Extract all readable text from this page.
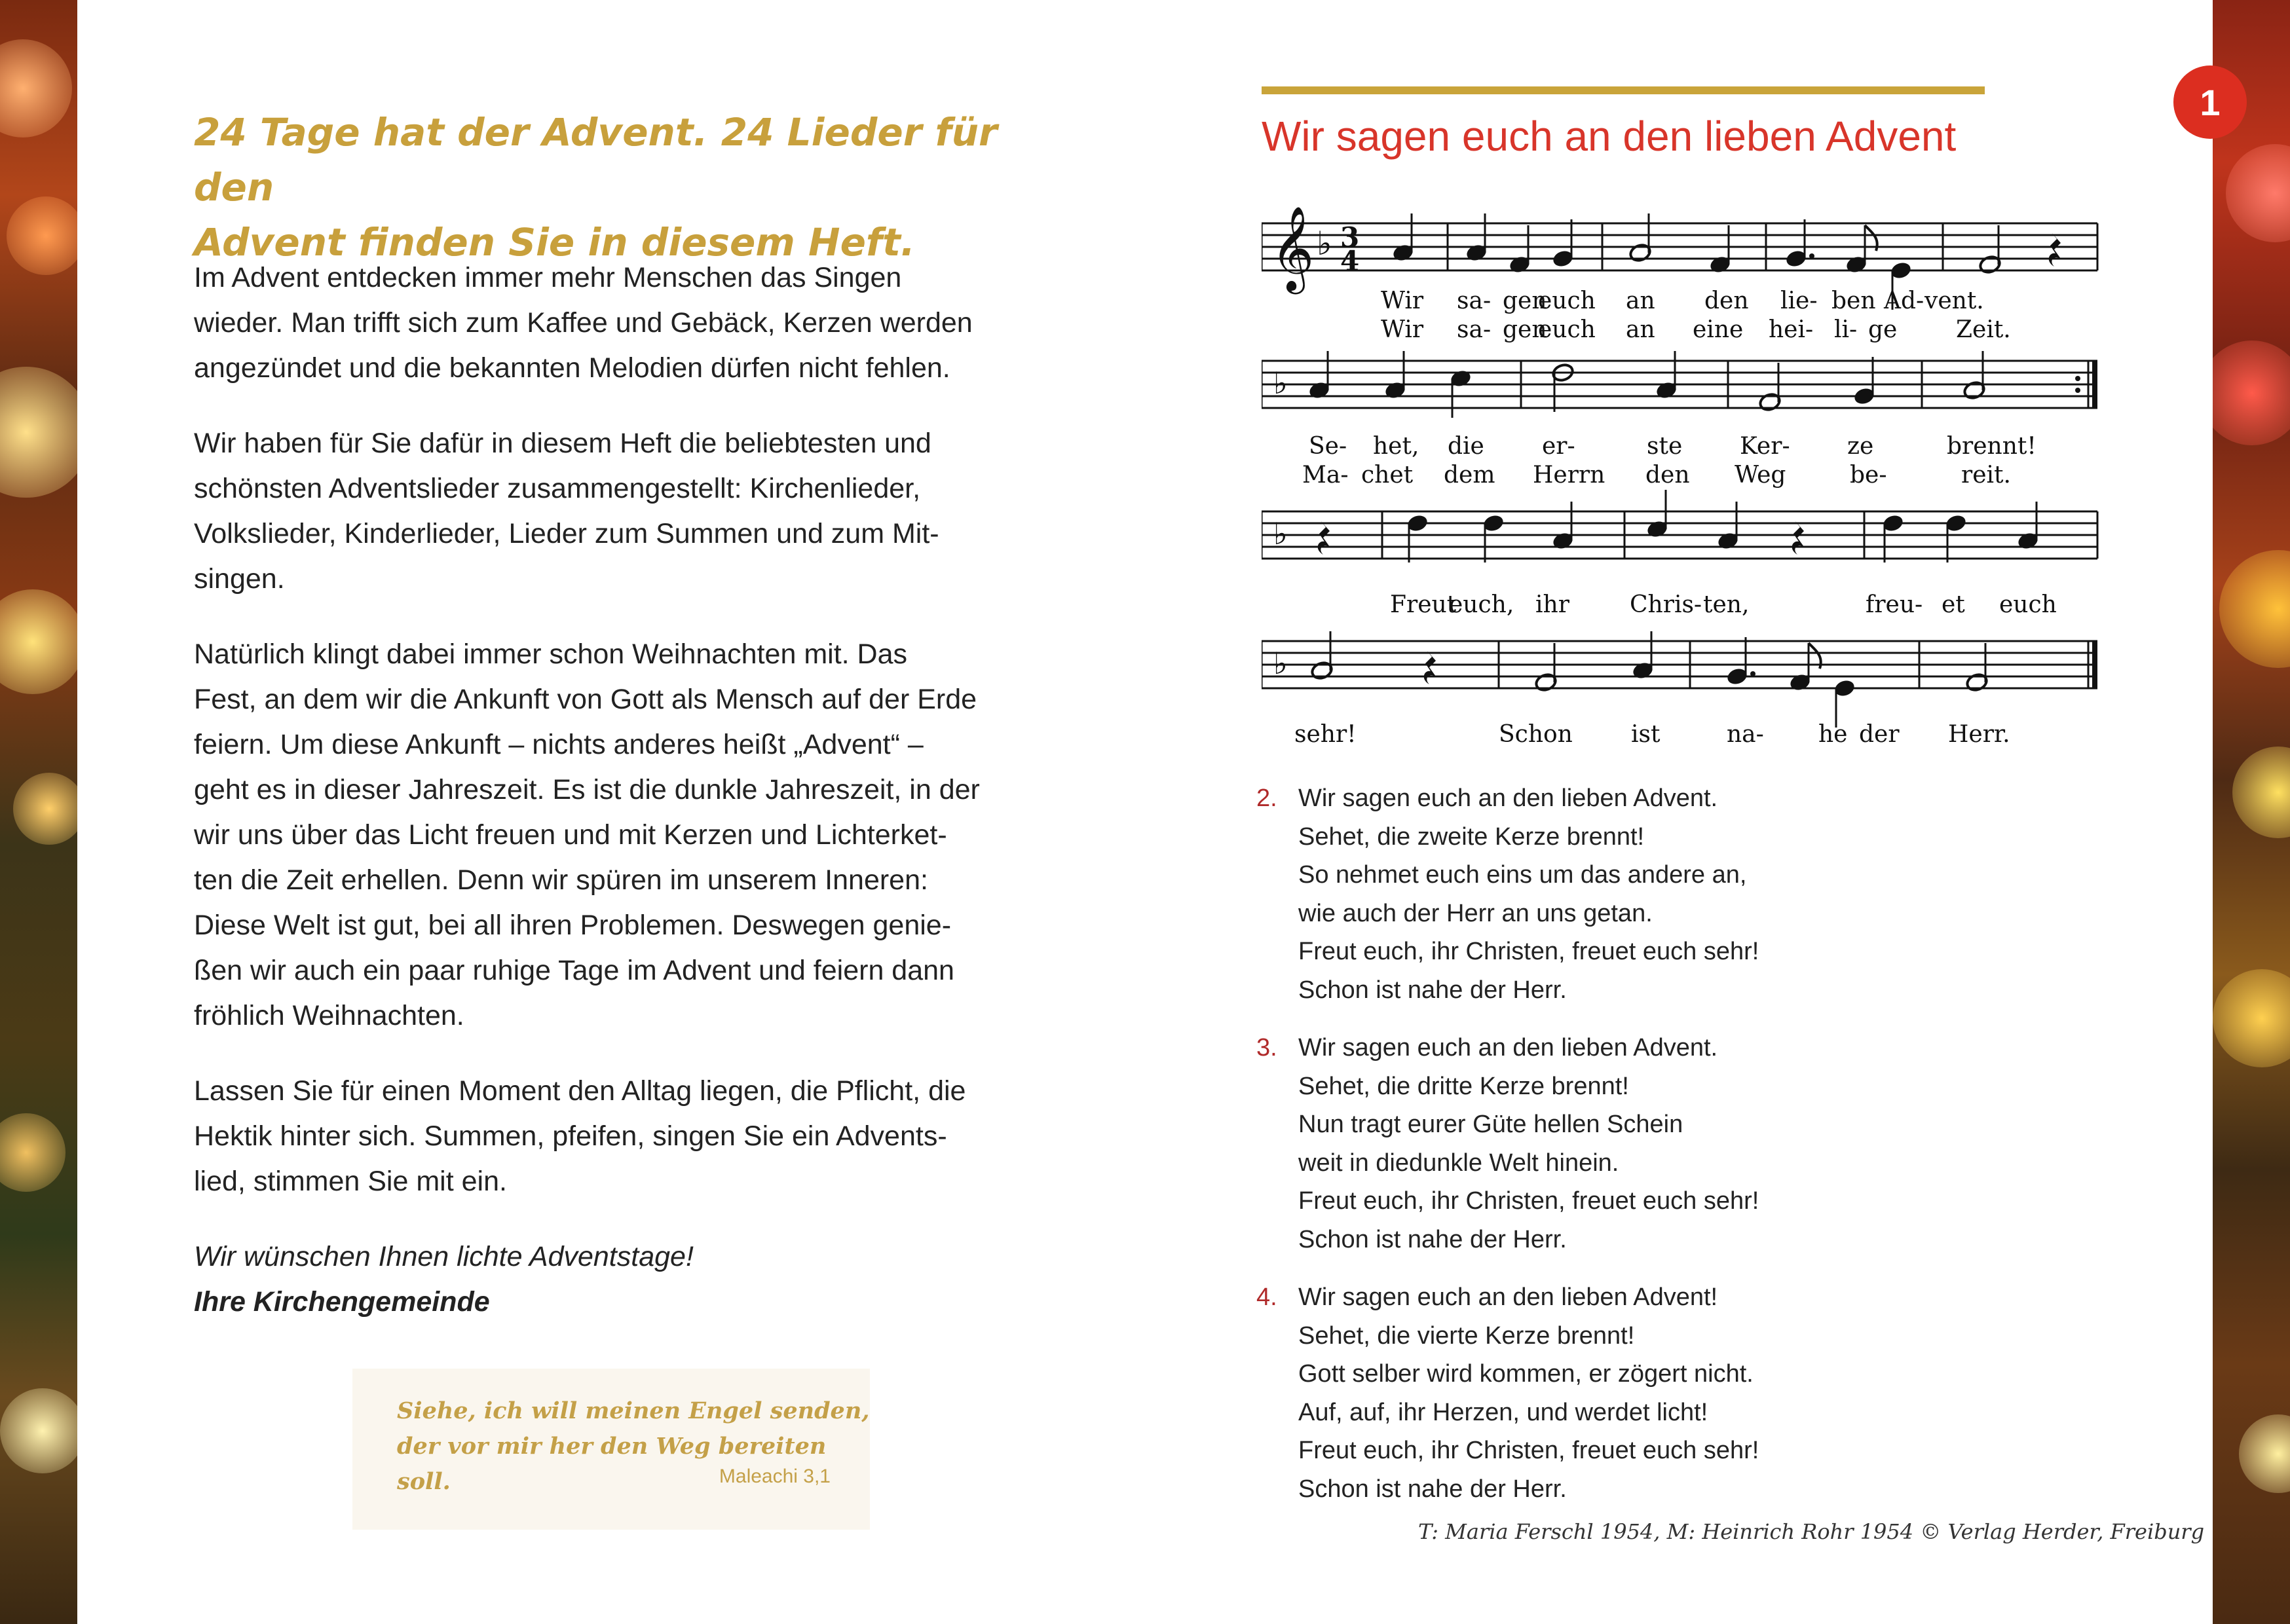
24 Tage hat der Advent. 24 Lieder für den
Advent finden Sie in diesem Heft.

Im Advent entdecken immer mehr Menschen das Singen
wieder. Man trifft sich zum Kaffee und Gebäck, Kerzen werden
angezündet und die bekannten Melodien dürfen nicht fehlen.

Wir haben für Sie dafür in diesem Heft die beliebtesten und
schönsten Adventslieder zusammengestellt: Kirchenlieder,
Volkslieder, Kinderlieder, Lieder zum Summen und zum Mit-
singen.

Natürlich klingt dabei immer schon Weihnachten mit. Das
Fest, an dem wir die Ankunft von Gott als Mensch auf der Erde
feiern. Um diese Ankunft – nichts anderes heißt „Advent“ –
geht es in dieser Jahreszeit. Es ist die dunkle Jahreszeit, in der
wir uns über das Licht freuen und mit Kerzen und Lichterket-
ten die Zeit erhellen. Denn wir spüren im unserem Inneren:
Diese Welt ist gut, bei all ihren Problemen. Deswegen genie-
ßen wir auch ein paar ruhige Tage im Advent und feiern dann
fröhlich Weihnachten.

Lassen Sie für einen Moment den Alltag liegen, die Pflicht, die
Hektik hinter sich. Summen, pfeifen, singen Sie ein Advents-
lied, stimmen Sie mit ein.

Wir wünschen Ihnen lichte Adventstage!
Ihre Kirchengemeinde

Siehe, ich will meinen Engel senden,
der vor mir her den Weg bereiten soll.	Maleachi 3,1
Wir sagen euch an den lieben Advent
1
𝄞 ♭ 3
4
Wir sa- gen
euch an den lie- ben Ad- vent.
Wir sa- gen
euch an eine hei- li- ge Zeit.
♭
Se- het, die er-	ste Ker- ze	brennt!
Ma- chet dem Herrn den Weg	be-	reit.
♭
Freut
euch, ihr	Chris- ten,	freu- et euch
♭
sehr!	Schon ist	na- he der Herr.
2. Wir sagen euch an den lieben Advent.
Sehet, die zweite Kerze brennt!
So nehmet euch eins um das andere an,
wie auch der Herr an uns getan.
Freut euch, ihr Christen, freuet euch sehr!
Schon ist nahe der Herr.
3. Wir sagen euch an den lieben Advent.
Sehet, die dritte Kerze brennt!
Nun tragt eurer Güte hellen Schein
weit in diedunkle Welt hinein.
Freut euch, ihr Christen, freuet euch sehr!
Schon ist nahe der Herr.
4. Wir sagen euch an den lieben Advent!
Sehet, die vierte Kerze brennt!
Gott selber wird kommen, er zögert nicht.
Auf, auf, ihr Herzen, und werdet licht!
Freut euch, ihr Christen, freuet euch sehr!
Schon ist nahe der Herr.
T: Maria Ferschl 1954, M: Heinrich Rohr 1954 © Verlag Herder, Freiburg
